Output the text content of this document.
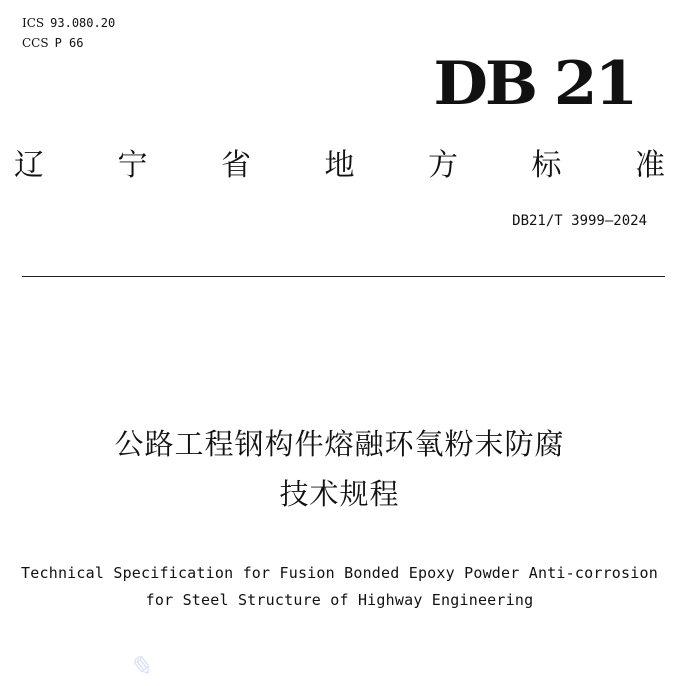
ICS 93.080.20
CCS P 66
DB 21
辽 宁 省 地 方 标 准
DB21/T 3999—2024
公路工程钢构件熔融环氧粉末防腐
技术规程
Technical Specification for Fusion Bonded Epoxy Powder Anti-corrosion
for Steel Structure of Highway Engineering
✎
